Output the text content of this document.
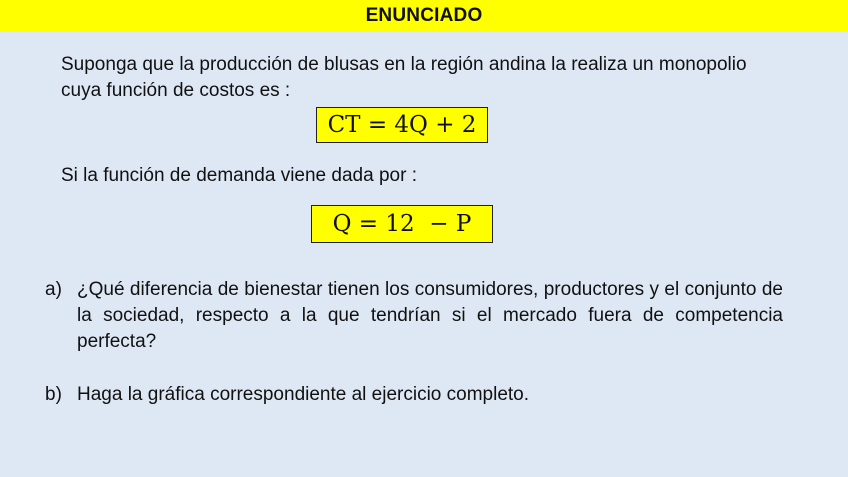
ENUNCIADO
Suponga que la producción de blusas en la región andina la realiza un monopolio cuya función de costos es :
CT = 4Q + 2
Si la función de demanda viene dada por :
Q = 12  − P
a) ¿Qué diferencia de bienestar tienen los consumidores, productores y el conjunto de la sociedad, respecto a la que tendrían si el mercado fuera de competencia perfecta?
b) Haga la gráfica correspondiente al ejercicio completo.
